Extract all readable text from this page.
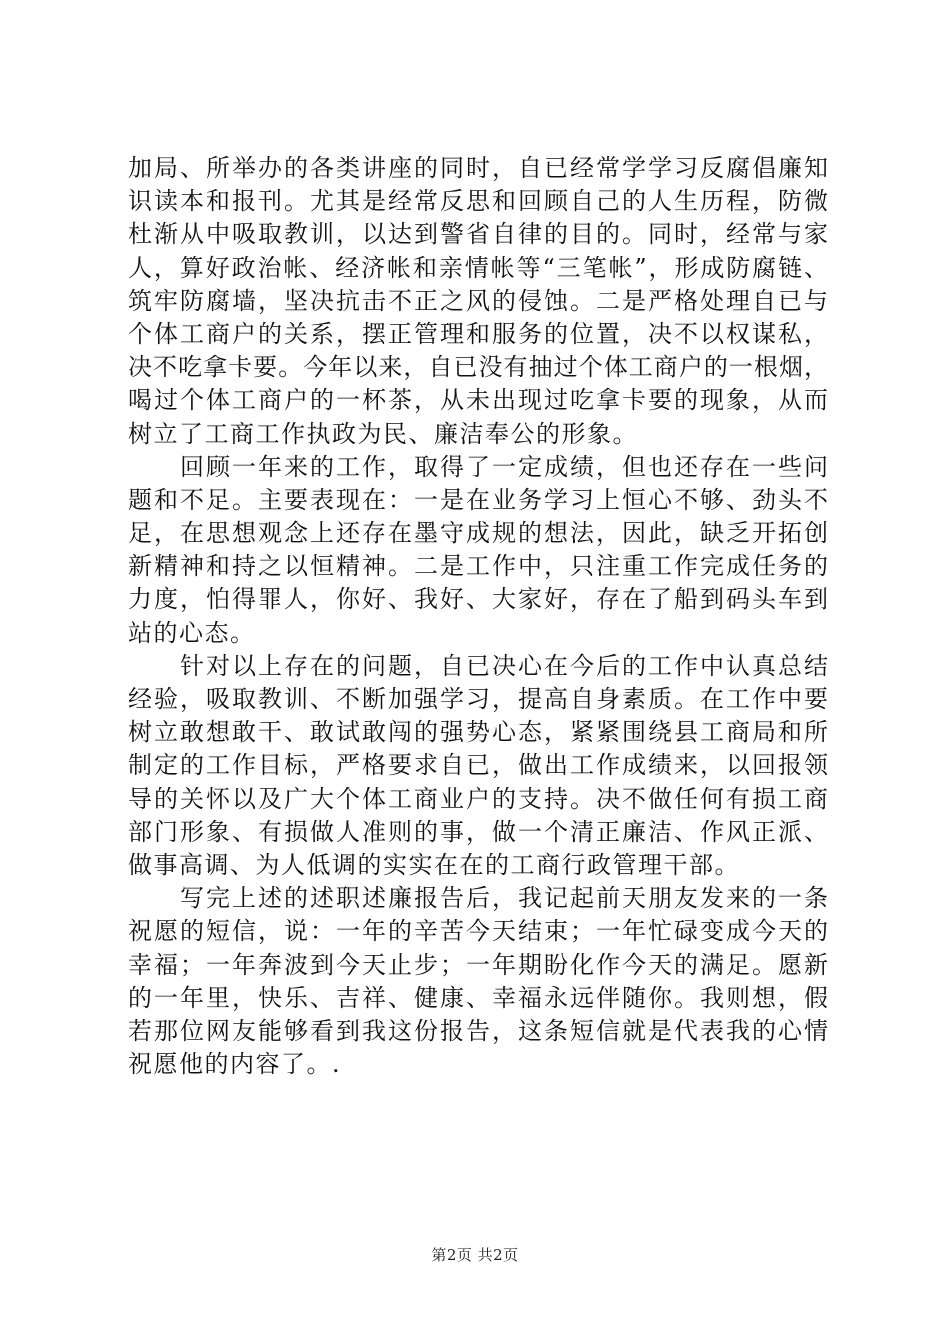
加局、所举办的各类讲座的同时，自已经常学学习反腐倡廉知
识读本和报刊。尤其是经常反思和回顾自己的人生历程，防微
杜渐从中吸取教训，以达到警省自律的目的。同时，经常与家
人，算好政治帐、经济帐和亲情帐等“三笔帐”，形成防腐链、
筑牢防腐墙，坚决抗击不正之风的侵蚀。二是严格处理自已与
个体工商户的关系，摆正管理和服务的位置，决不以权谋私，
决不吃拿卡要。今年以来，自已没有抽过个体工商户的一根烟，
喝过个体工商户的一杯茶，从未出现过吃拿卡要的现象，从而
树立了工商工作执政为民、廉洁奉公的形象。
　　回顾一年来的工作，取得了一定成绩，但也还存在一些问
题和不足。主要表现在：一是在业务学习上恒心不够、劲头不
足，在思想观念上还存在墨守成规的想法，因此，缺乏开拓创
新精神和持之以恒精神。二是工作中，只注重工作完成任务的
力度，怕得罪人，你好、我好、大家好，存在了船到码头车到
站的心态。
　　针对以上存在的问题，自已决心在今后的工作中认真总结
经验，吸取教训、不断加强学习，提高自身素质。在工作中要
树立敢想敢干、敢试敢闯的强势心态，紧紧围绕县工商局和所
制定的工作目标，严格要求自已，做出工作成绩来，以回报领
导的关怀以及广大个体工商业户的支持。决不做任何有损工商
部门形象、有损做人准则的事，做一个清正廉洁、作风正派、
做事高调、为人低调的实实在在的工商行政管理干部。
　　写完上述的述职述廉报告后，我记起前天朋友发来的一条
祝愿的短信，说：一年的辛苦今天结束；一年忙碌变成今天的
幸福；一年奔波到今天止步；一年期盼化作今天的满足。愿新
的一年里，快乐、吉祥、健康、幸福永远伴随你。我则想，假
若那位网友能够看到我这份报告，这条短信就是代表我的心情
祝愿他的内容了。.
第2页 共2页
